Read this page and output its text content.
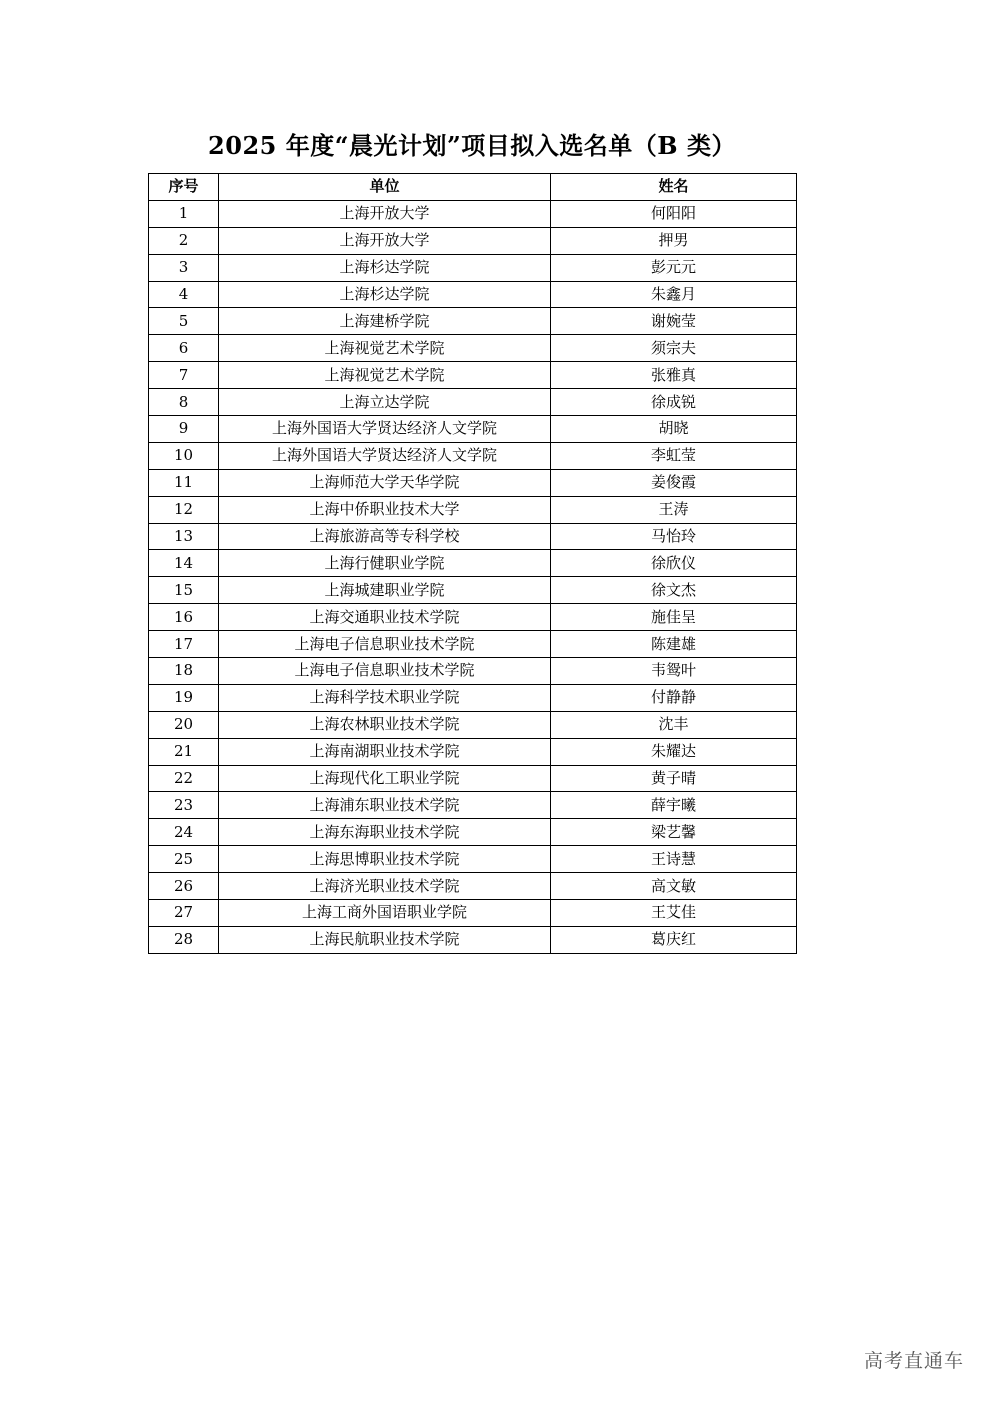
2025 年度“晨光计划”项目拟入选名单（B 类）
序号	单位	姓名
1	上海开放大学	何阳阳
2	上海开放大学	押男
3	上海杉达学院	彭元元
4	上海杉达学院	朱鑫月
5	上海建桥学院	谢婉莹
6	上海视觉艺术学院	须宗夫
7	上海视觉艺术学院	张雅真
8	上海立达学院	徐成锐
9	上海外国语大学贤达经济人文学院	胡晓
10	上海外国语大学贤达经济人文学院	李虹莹
11	上海师范大学天华学院	姜俊霞
12	上海中侨职业技术大学	王涛
13	上海旅游高等专科学校	马怡玲
14	上海行健职业学院	徐欣仪
15	上海城建职业学院	徐文杰
16	上海交通职业技术学院	施佳呈
17	上海电子信息职业技术学院	陈建雄
18	上海电子信息职业技术学院	韦鸳叶
19	上海科学技术职业学院	付静静
20	上海农林职业技术学院	沈丰
21	上海南湖职业技术学院	朱耀达
22	上海现代化工职业学院	黄子晴
23	上海浦东职业技术学院	薛宇曦
24	上海东海职业技术学院	梁艺馨
25	上海思博职业技术学院	王诗慧
26	上海济光职业技术学院	高文敏
27	上海工商外国语职业学院	王艾佳
28	上海民航职业技术学院	葛庆红
高考直通车
